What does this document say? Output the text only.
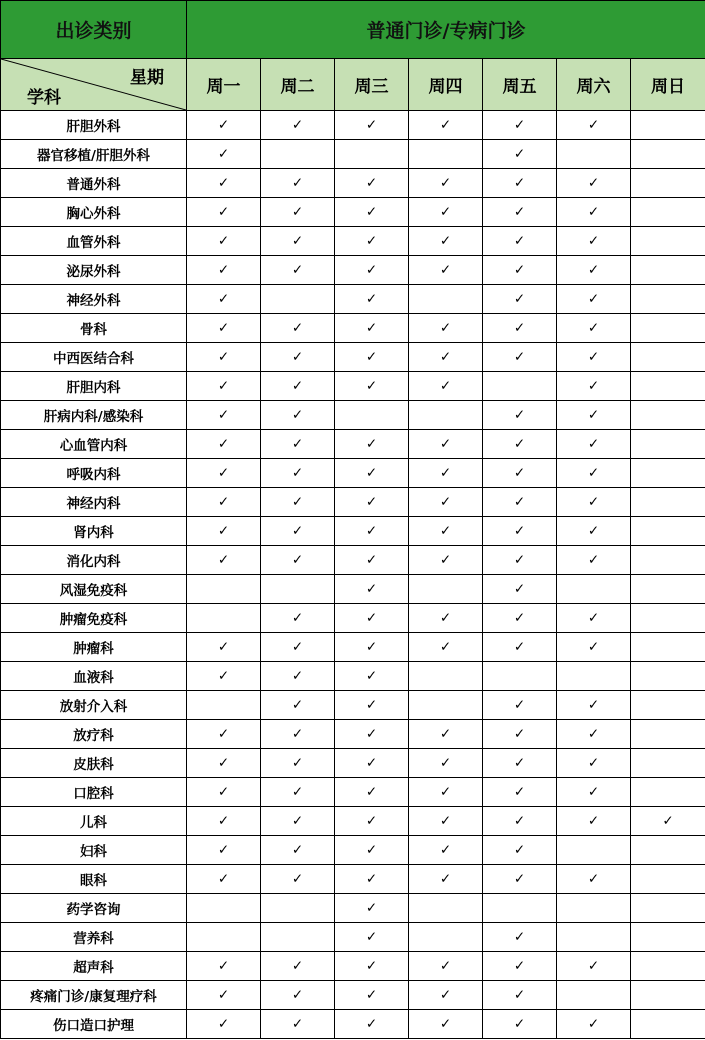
出诊类别	普通门诊/专病门诊						

星期
学科	周一	周二	周三	周四	周五	周六	周日
肝胆外科	✓	✓	✓	✓	✓	✓	
器官移植/肝胆外科	✓				✓		
普通外科	✓	✓	✓	✓	✓	✓	
胸心外科	✓	✓	✓	✓	✓	✓	
血管外科	✓	✓	✓	✓	✓	✓	
泌尿外科	✓	✓	✓	✓	✓	✓	
神经外科	✓		✓		✓	✓	
骨科	✓	✓	✓	✓	✓	✓	
中西医结合科	✓	✓	✓	✓	✓	✓	
肝胆内科	✓	✓	✓	✓		✓	
肝病内科/感染科	✓	✓			✓	✓	
心血管内科	✓	✓	✓	✓	✓	✓	
呼吸内科	✓	✓	✓	✓	✓	✓	
神经内科	✓	✓	✓	✓	✓	✓	
肾内科	✓	✓	✓	✓	✓	✓	
消化内科	✓	✓	✓	✓	✓	✓	
风湿免疫科			✓		✓		
肿瘤免疫科		✓	✓	✓	✓	✓	
肿瘤科	✓	✓	✓	✓	✓	✓	
血液科	✓	✓	✓				
放射介入科		✓	✓		✓	✓	
放疗科	✓	✓	✓	✓	✓	✓	
皮肤科	✓	✓	✓	✓	✓	✓	
口腔科	✓	✓	✓	✓	✓	✓	
儿科	✓	✓	✓	✓	✓	✓	✓
妇科	✓	✓	✓	✓	✓		
眼科	✓	✓	✓	✓	✓	✓	
药学咨询			✓				
营养科			✓		✓		
超声科	✓	✓	✓	✓	✓	✓	
疼痛门诊/康复理疗科	✓	✓	✓	✓	✓		
伤口造口护理	✓	✓	✓	✓	✓	✓	
